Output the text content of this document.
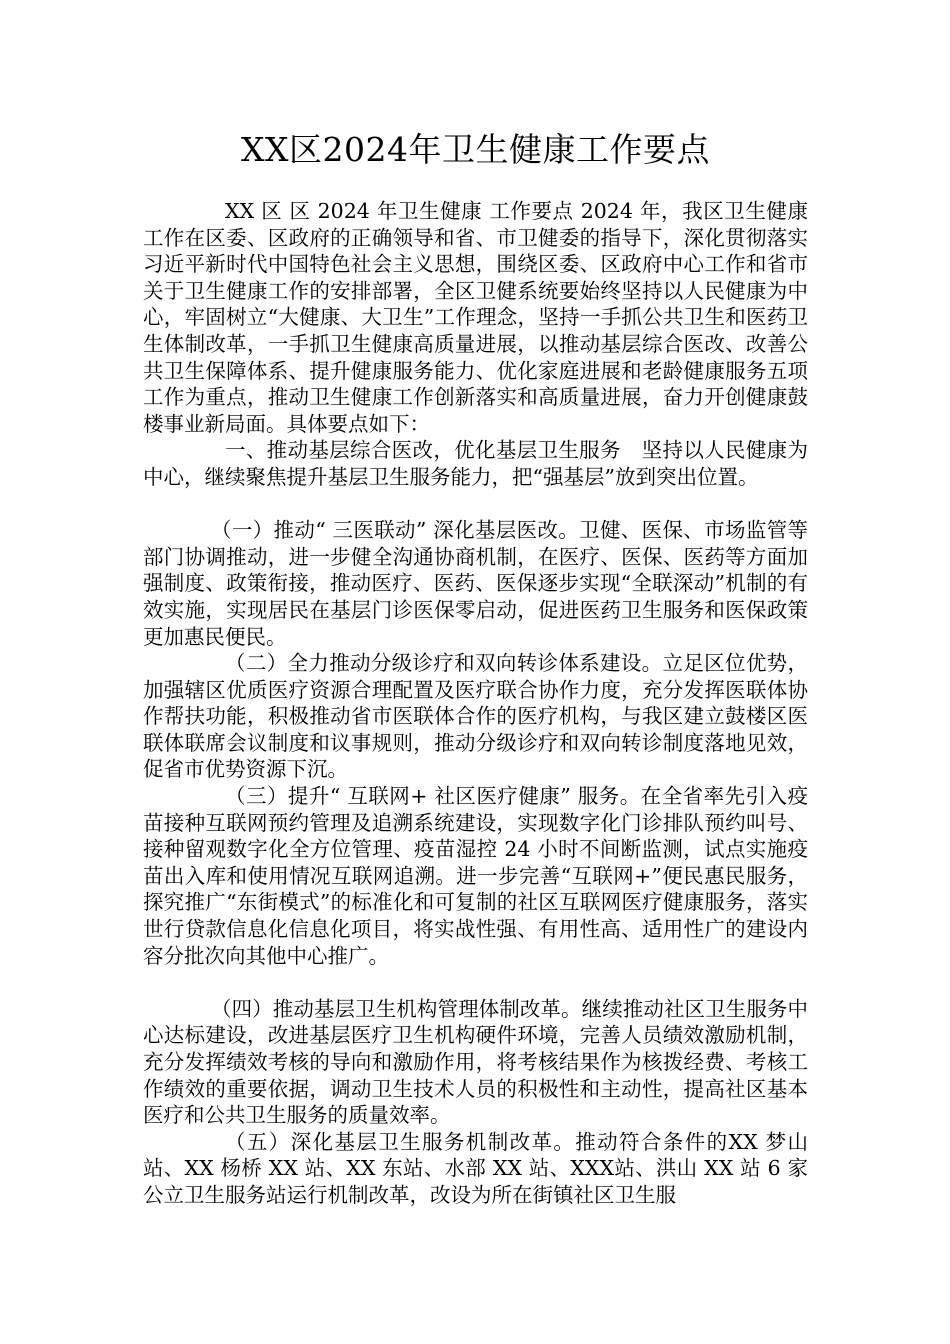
XX区2024年卫生健康工作要点

XX 区 区 2024 年卫生健康 工作要点 2024 年，我区卫生健康工作在区委、区政府的正确领导和省、市卫健委的指导下，深化贯彻落实习近平新时代中国特色社会主义思想，围绕区委、区政府中心工作和省市关于卫生健康工作的安排部署，全区卫健系统要始终坚持以人民健康为中心，牢固树立“大健康、大卫生”工作理念，坚持一手抓公共卫生和医药卫生体制改革，一手抓卫生健康高质量进展，以推动基层综合医改、改善公共卫生保障体系、提升健康服务能力、优化家庭进展和老龄健康服务五项工作为重点，推动卫生健康工作创新落实和高质量进展，奋力开创健康鼓楼事业新局面。具体要点如下：

一、推动基层综合医改，优化基层卫生服务　坚持以人民健康为中心，继续聚焦提升基层卫生服务能力，把“强基层”放到突出位置。

（一）推动“ 三医联动” 深化基层医改。卫健、医保、市场监管等部门协调推动，进一步健全沟通协商机制，在医疗、医保、医药等方面加强制度、政策衔接，推动医疗、医药、医保逐步实现“全联深动”机制的有效实施，实现居民在基层门诊医保零启动，促进医药卫生服务和医保政策更加惠民便民。

（二）全力推动分级诊疗和双向转诊体系建设。立足区位优势，加强辖区优质医疗资源合理配置及医疗联合协作力度，充分发挥医联体协作帮扶功能，积极推动省市医联体合作的医疗机构，与我区建立鼓楼区医联体联席会议制度和议事规则，推动分级诊疗和双向转诊制度落地见效，促省市优势资源下沉。

（三）提升“ 互联网+ 社区医疗健康” 服务。在全省率先引入疫苗接种互联网预约管理及追溯系统建设，实现数字化门诊排队预约叫号、接种留观数字化全方位管理、疫苗湿控 24 小时不间断监测，试点实施疫苗出入库和使用情况互联网追溯。进一步完善“互联网+”便民惠民服务，探究推广“东街模式”的标准化和可复制的社区互联网医疗健康服务，落实世行贷款信息化信息化项目，将实战性强、有用性高、适用性广的建设内容分批次向其他中心推广。

（四）推动基层卫生机构管理体制改革。继续推动社区卫生服务中心达标建设，改进基层医疗卫生机构硬件环境，完善人员绩效激励机制，充分发挥绩效考核的导向和激励作用，将考核结果作为核拨经费、考核工作绩效的重要依据，调动卫生技术人员的积极性和主动性，提高社区基本医疗和公共卫生服务的质量效率。

（五）深化基层卫生服务机制改革。推动符合条件的XX 梦山站、XX 杨桥 XX 站、XX 东站、水部 XX 站、XXX站、洪山 XX 站 6 家公立卫生服务站运行机制改革，改设为所在街镇社区卫生服
